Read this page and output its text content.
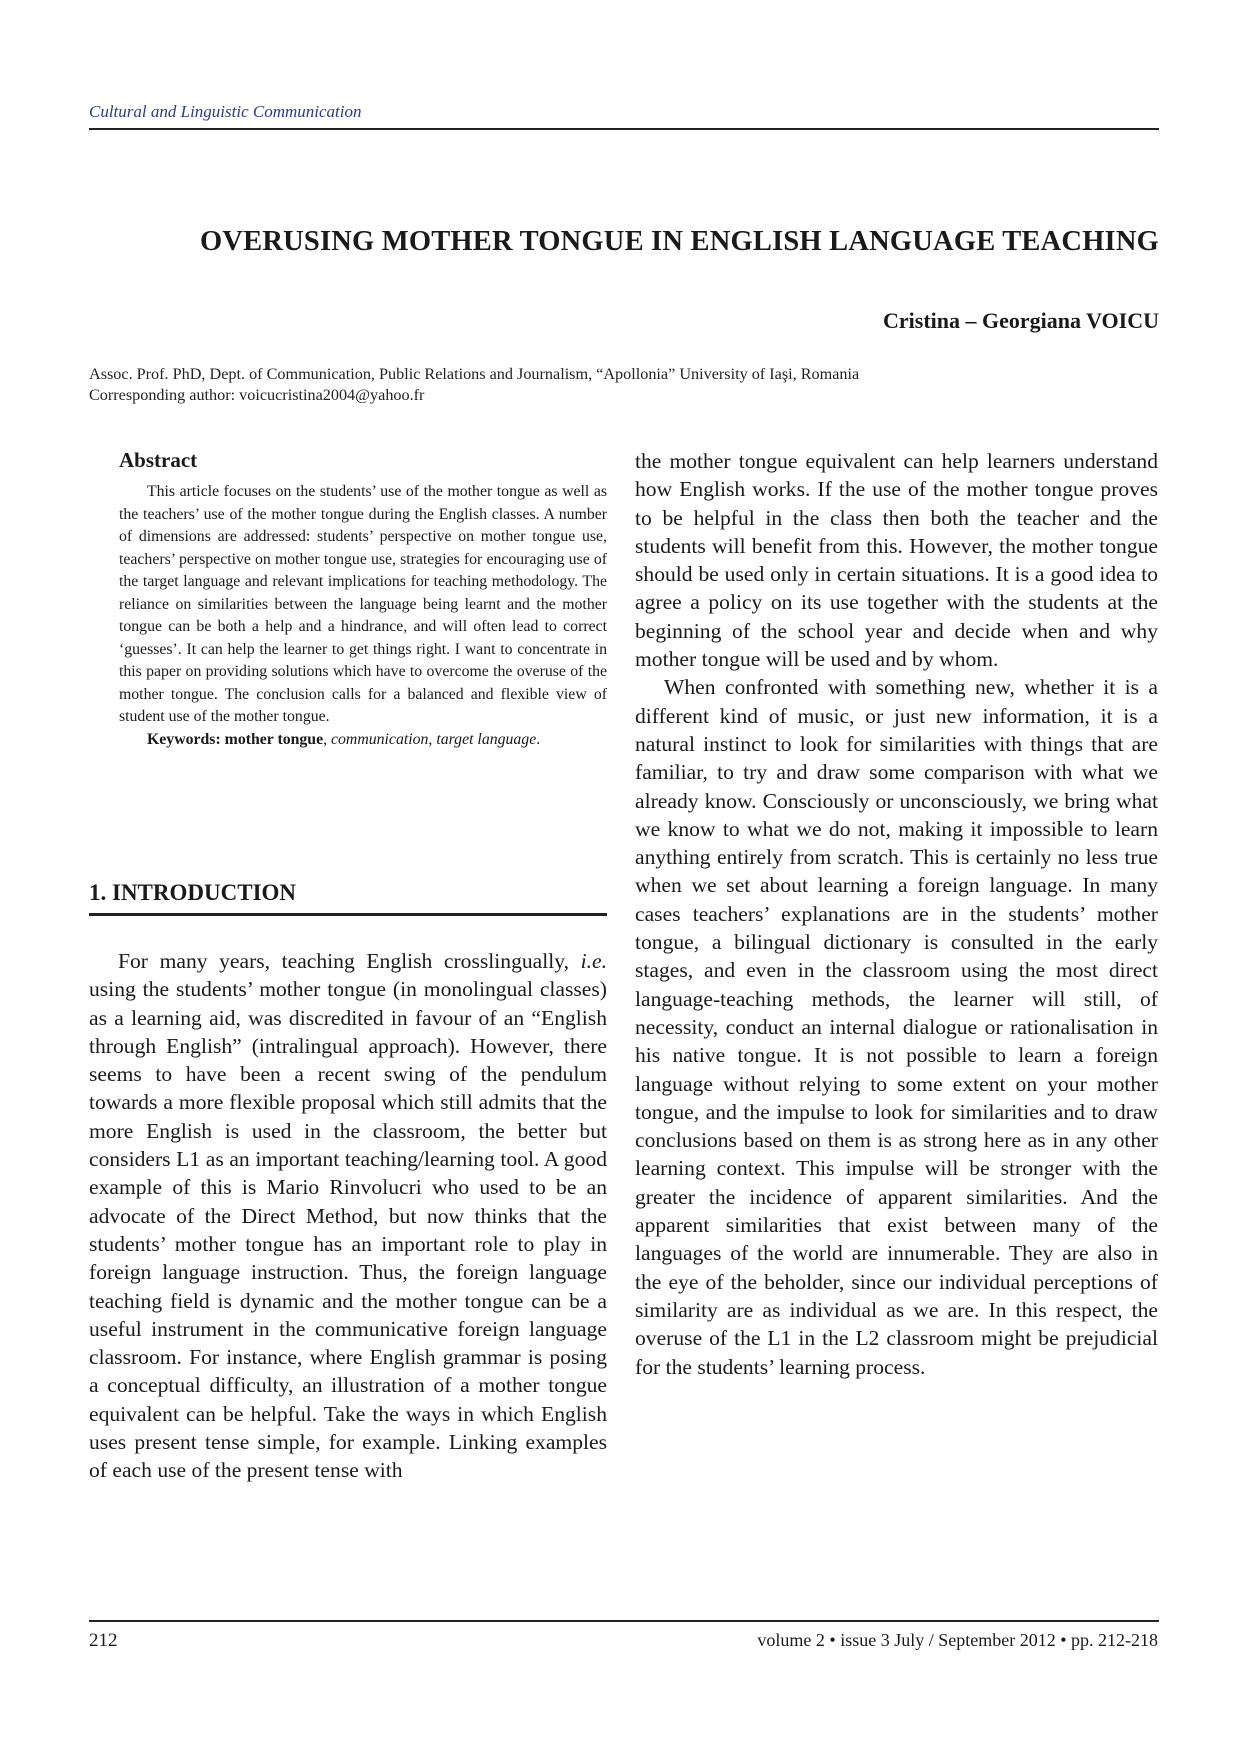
Cultural and Linguistic Communication
OVERUSING MOTHER TONGUE IN ENGLISH LANGUAGE TEACHING
Cristina – Georgiana VOICU
Assoc. Prof. PhD, Dept. of Communication, Public Relations and Journalism, “Apollonia” University of Iaşi, Romania
Corresponding author: voicucristina2004@yahoo.fr

Abstract

This article focuses on the students’ use of the mother tongue as well as the teachers’ use of the mother tongue during the English classes. A number of dimensions are addressed: students’ perspective on mother tongue use, teachers’ perspective on mother tongue use, strategies for encouraging use of the target language and relevant implications for teaching methodology. The reliance on similarities between the language being learnt and the mother tongue can be both a help and a hindrance, and will often lead to correct ‘guesses’. It can help the learner to get things right. I want to concentrate in this paper on providing solutions which have to overcome the overuse of the mother tongue. The conclusion calls for a balanced and flexible view of student use of the mother tongue.

Keywords: mother tongue, communication, target language.

1. INTRODUCTION

For many years, teaching English crosslingually, i.e. using the students’ mother tongue (in monolingual classes) as a learning aid, was discredited in favour of an “English through English” (intralingual approach). However, there seems to have been a recent swing of the pendulum towards a more flexible proposal which still admits that the more English is used in the classroom, the better but considers L1 as an important teaching/learning tool. A good example of this is Mario Rinvolucri who used to be an advocate of the Direct Method, but now thinks that the students’ mother tongue has an important role to play in foreign language instruction. Thus, the foreign language teaching field is dynamic and the mother tongue can be a useful instrument in the communicative foreign language classroom. For instance, where English grammar is posing a conceptual difficulty, an illustration of a mother tongue equivalent can be helpful. Take the ways in which English uses present tense simple, for example. Linking examples of each use of the present tense with

the mother tongue equivalent can help learners understand how English works. If the use of the mother tongue proves to be helpful in the class then both the teacher and the students will benefit from this. However, the mother tongue should be used only in certain situations. It is a good idea to agree a policy on its use together with the students at the beginning of the school year and decide when and why mother tongue will be used and by whom.

When confronted with something new, whether it is a different kind of music, or just new information, it is a natural instinct to look for similarities with things that are familiar, to try and draw some comparison with what we already know. Consciously or unconsciously, we bring what we know to what we do not, making it impossible to learn anything entirely from scratch. This is certainly no less true when we set about learning a foreign language. In many cases teachers’ explanations are in the students’ mother tongue, a bilingual dictionary is consulted in the early stages, and even in the classroom using the most direct language-teaching methods, the learner will still, of necessity, conduct an internal dialogue or rationalisation in his native tongue. It is not possible to learn a foreign language without relying to some extent on your mother tongue, and the impulse to look for similarities and to draw conclusions based on them is as strong here as in any other learning context. This impulse will be stronger with the greater the incidence of apparent similarities. And the apparent similarities that exist between many of the languages of the world are innumerable. They are also in the eye of the beholder, since our individual perceptions of similarity are as individual as we are. In this respect, the overuse of the L1 in the L2 classroom might be prejudicial for the students’ learning process.

212	volume 2 • issue 3 July / September 2012 • pp. 212-218
